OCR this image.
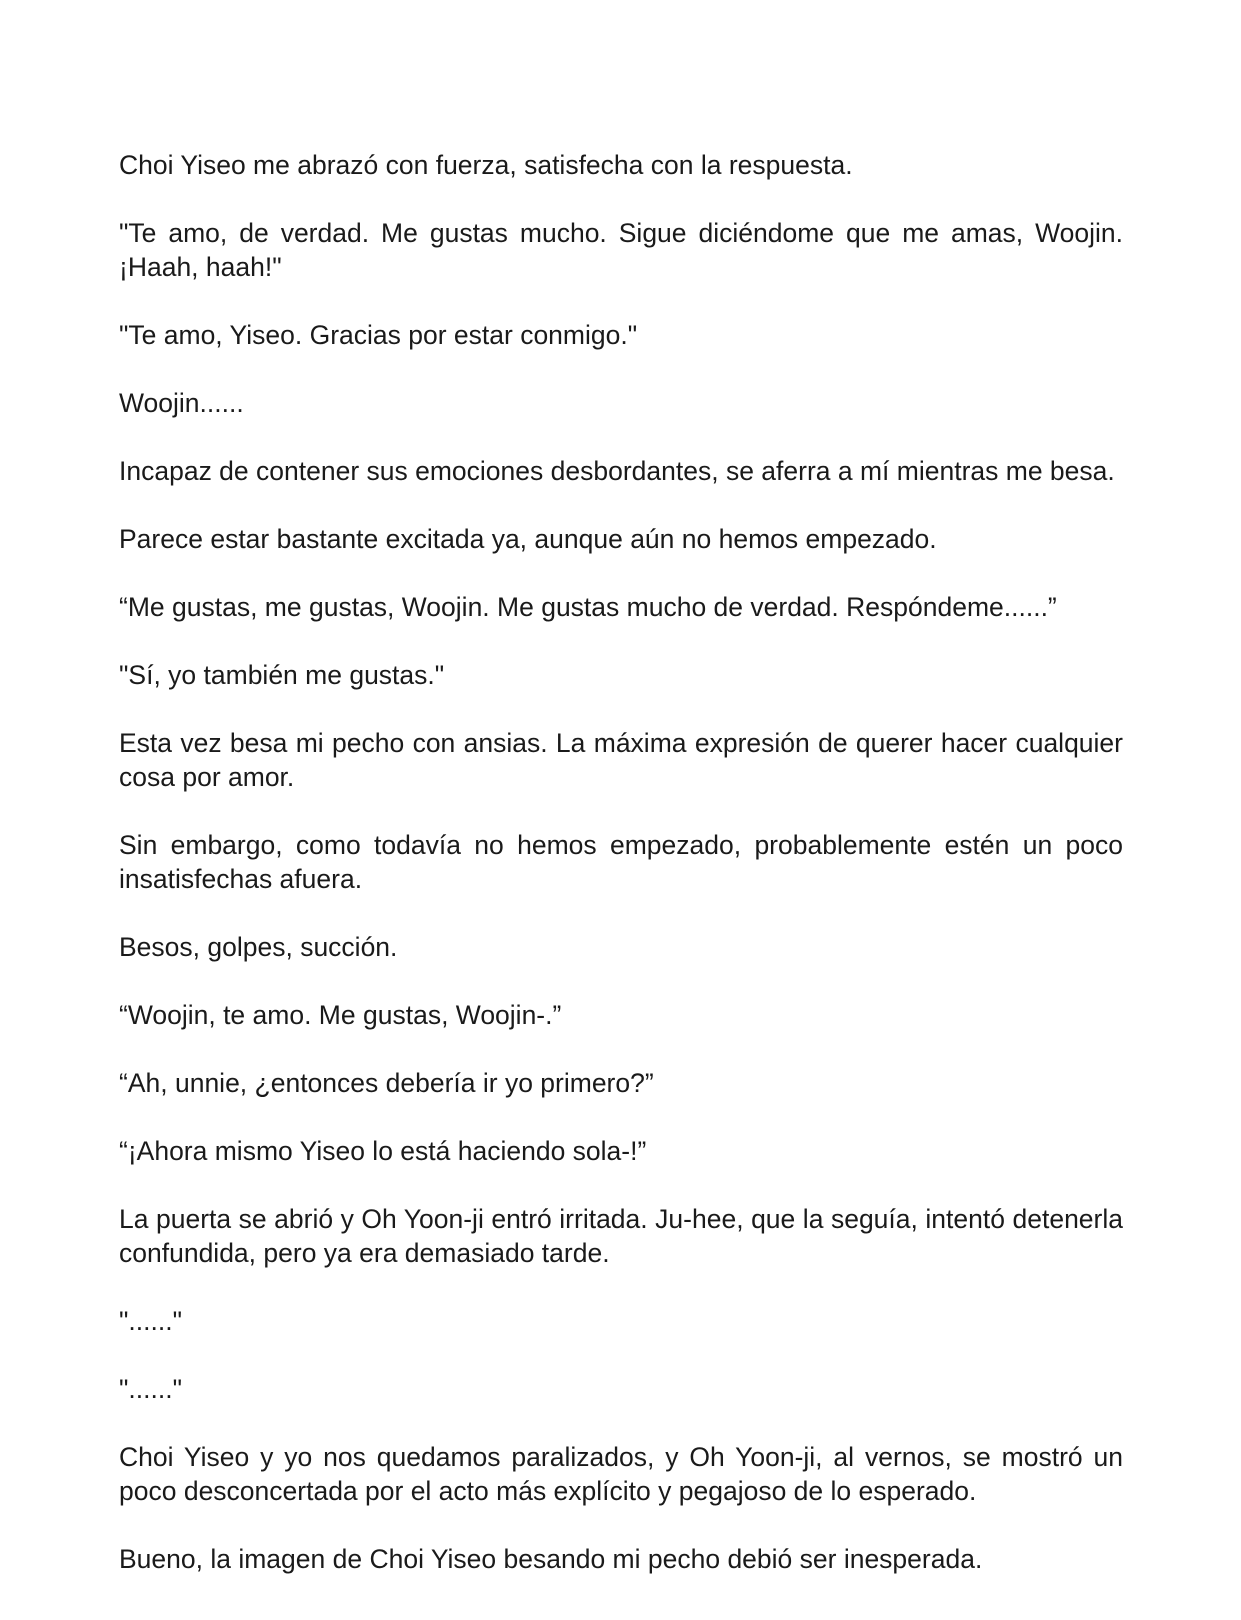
Choi Yiseo me abrazó con fuerza, satisfecha con la respuesta.

"Te amo, de verdad. Me gustas mucho. Sigue diciéndome que me amas, Woojin. ¡Haah, haah!"

"Te amo, Yiseo. Gracias por estar conmigo."

Woojin......

Incapaz de contener sus emociones desbordantes, se aferra a mí mientras me besa.

Parece estar bastante excitada ya, aunque aún no hemos empezado.

“Me gustas, me gustas, Woojin. Me gustas mucho de verdad. Respóndeme......”

"Sí, yo también me gustas."

Esta vez besa mi pecho con ansias. La máxima expresión de querer hacer cualquier cosa por amor.

Sin embargo, como todavía no hemos empezado, probablemente estén un poco insatisfechas afuera.

Besos, golpes, succión.

“Woojin, te amo. Me gustas, Woojin-.”

“Ah, unnie, ¿entonces debería ir yo primero?”

“¡Ahora mismo Yiseo lo está haciendo sola-!”

La puerta se abrió y Oh Yoon-ji entró irritada. Ju-hee, que la seguía, intentó detenerla confundida, pero ya era demasiado tarde.

"......"

"......"

Choi Yiseo y yo nos quedamos paralizados, y Oh Yoon-ji, al vernos, se mostró un poco desconcertada por el acto más explícito y pegajoso de lo esperado.

Bueno, la imagen de Choi Yiseo besando mi pecho debió ser inesperada.
